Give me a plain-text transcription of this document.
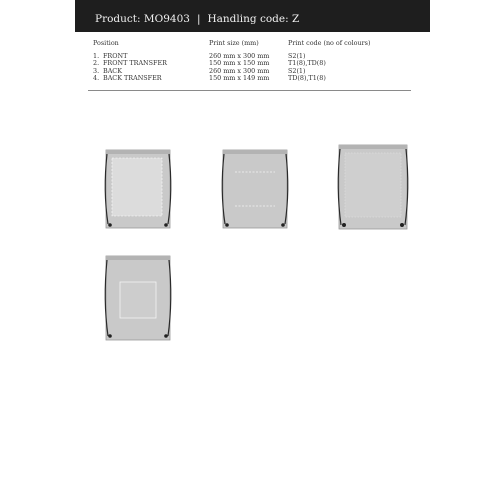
Product: MO9403 | Handling code: Z
Position	Print size (mm)	Print code (no of colours)
1. FRONT	260 mm x 300 mm	S2(1)
2. FRONT TRANSFER	150 mm x 150 mm	T1(8),TD(8)
3. BACK	260 mm x 300 mm	S2(1)
4. BACK TRANSFER	150 mm x 149 mm	TD(8),T1(8)
